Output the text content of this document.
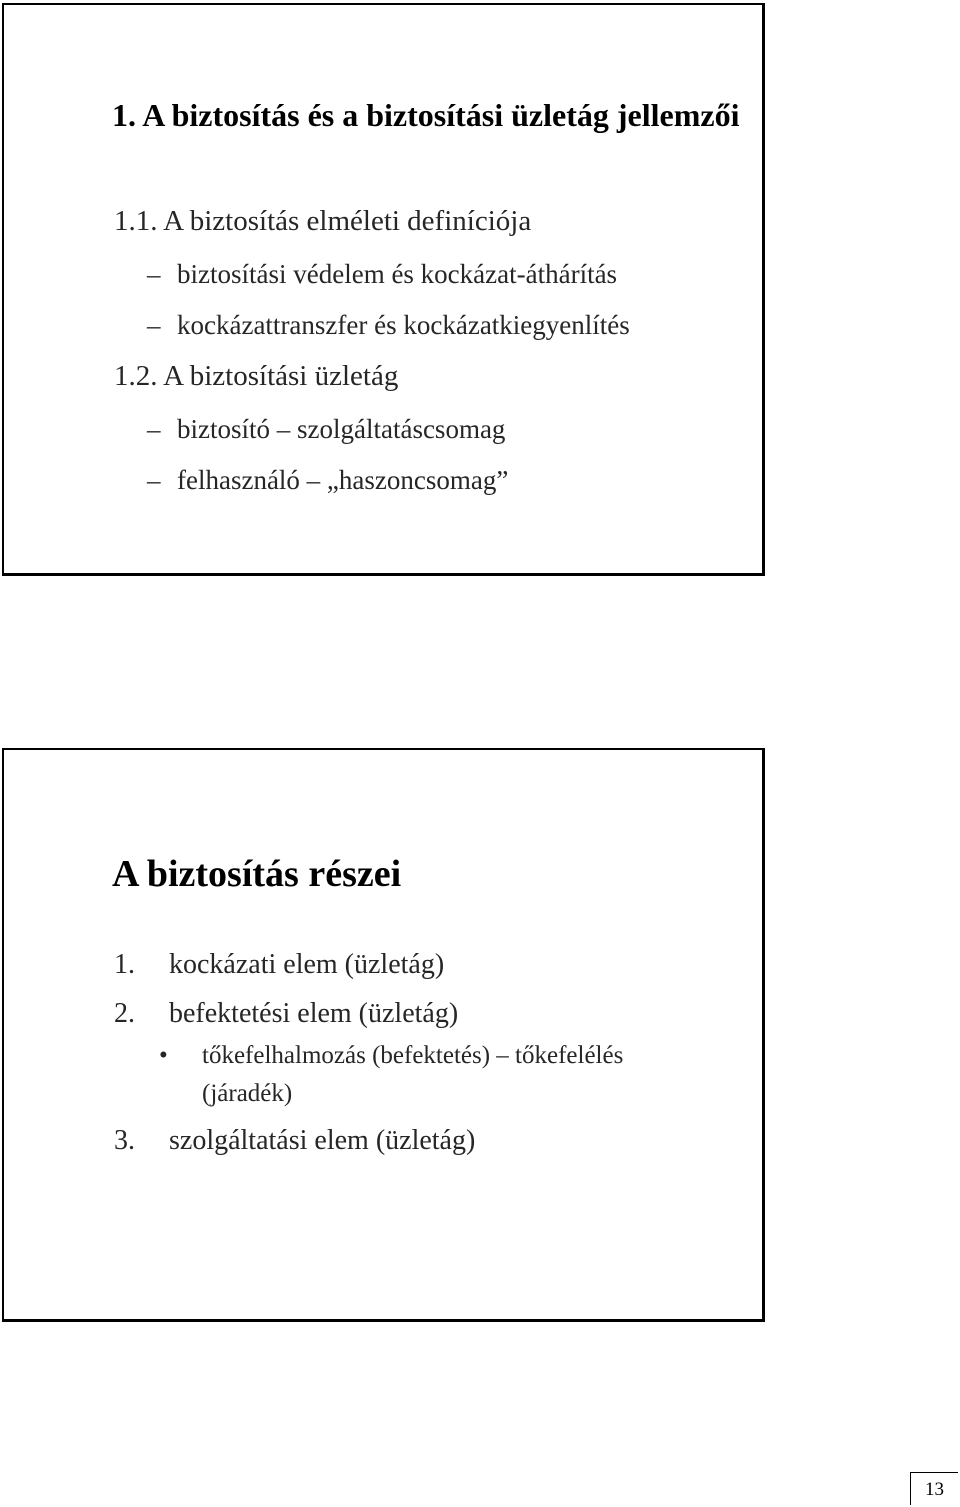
1. A biztosítás és a biztosítási üzletág jellemzői
1.1. A biztosítás elméleti definíciója
– biztosítási védelem és kockázat-áthárítás
– kockázattranszfer és kockázatkiegyenlítés
1.2. A biztosítási üzletág
– biztosító – szolgáltatáscsomag
– felhasználó – „haszoncsomag”
A biztosítás részei
1. kockázati elem (üzletág)
2. befektetési elem (üzletág)
• tőkefelhalmozás (befektetés) – tőkefelélés
(járadék)
3. szolgáltatási elem (üzletág)
13
